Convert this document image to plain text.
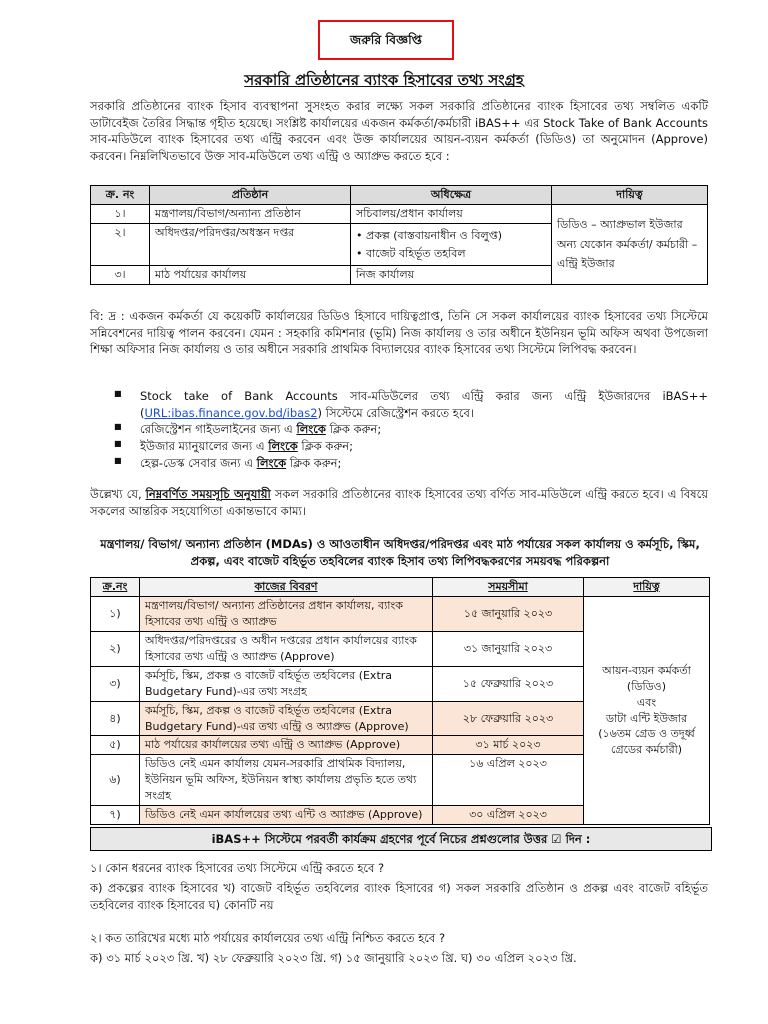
জরুরি বিজ্ঞপ্তি
সরকারি প্রতিষ্ঠানের ব্যাংক হিসাবের তথ্য সংগ্রহ
সরকারি প্রতিষ্ঠানের ব্যাংক হিসাব ব্যবস্থাপনা সুসংহত করার লক্ষ্যে সকল সরকারি প্রতিষ্ঠানের ব্যাংক হিসাবের তথ্য সম্বলিত একটি ডাটাবেইজ তৈরির সিদ্ধান্ত গৃহীত হয়েছে। সংশ্লিষ্ট কার্যালয়ের একজন কর্মকর্তা/কর্মচারী iBAS++ এর Stock Take of Bank Accounts সাব-মডিউলে ব্যাংক হিসাবের তথ্য এন্ট্রি করবেন এবং উক্ত কার্যালয়ের আয়ন-ব্যয়ন কর্মকর্তা (ডিডিও) তা অনুমোদন (Approve) করবেন। নিম্নলিখিতভাবে উক্ত সাব-মডিউলে তথ্য এন্ট্রি ও অ্যাপ্রুভ করতে হবে :
ক্র. নং	প্রতিষ্ঠান	অধিক্ষেত্র	দায়িত্ব
১।	মন্ত্রণালয়/বিভাগ/অন্যান্য প্রতিষ্ঠান	সচিবালয়/প্রধান কার্যালয়	ডিডিও – অ্যাপ্রুভাল ইউজার অন্য যেকোন কর্মকর্তা/ কর্মচারী – এন্ট্রি ইউজার
২।	অধিদপ্তর/পরিদপ্তর/অধস্তন দপ্তর	• প্রকল্প (বাস্তবায়নাধীন ও বিলুপ্ত)
• বাজেট বহির্ভূত তহবিল	

৩।	মাঠ পর্যায়ের কার্যালয়	নিজ কার্যালয়	
বি: দ্র : একজন কর্মকর্তা যে কয়েকটি কার্যালয়ের ডিডিও হিসাবে দায়িত্বপ্রাপ্ত, তিনি সে সকল কার্যালয়ের ব্যাংক হিসাবের তথ্য সিস্টেমে সন্নিবেশনের দায়িত্ব পালন করবেন। যেমন : সহকারি কমিশনার (ভূমি) নিজ কার্যালয় ও তার অধীনে ইউনিয়ন ভূমি অফিস অথবা উপজেলা শিক্ষা অফিসার নিজ কার্যালয় ও তার অধীনে সরকারি প্রাথমিক বিদ্যালয়ের ব্যাংক হিসাবের তথ্য সিস্টেমে লিপিবদ্ধ করবেন।
■ Stock take of Bank Accounts সাব-মডিউলের তথ্য এন্ট্রি করার জন্য এন্ট্রি ইউজারদের iBAS++ (URL:ibas.finance.gov.bd/ibas2) সিস্টেমে রেজিস্ট্রেশন করতে হবে।
■ রেজিস্ট্রেশন গাইডলাইনের জন্য এ লিংকে ক্লিক করুন;
■ ইউজার ম্যানুয়ালের জন্য এ লিংকে ক্লিক করুন;
■ হেল্প-ডেস্ক সেবার জন্য এ লিংকে ক্লিক করুন;
উল্লেখ্য যে, নিম্নবর্ণিত সময়সূচি অনুযায়ী সকল সরকারি প্রতিষ্ঠানের ব্যাংক হিসাবের তথ্য বর্ণিত সাব-মডিউলে এন্ট্রি করতে হবে। এ বিষয়ে সকলের আন্তরিক সহযোগিতা একান্তভাবে কাম্য।
মন্ত্রণালয়/ বিভাগ/ অন্যান্য প্রতিষ্ঠান (MDAs) ও আওতাধীন অধিদপ্তর/পরিদপ্তর এবং মাঠ পর্যায়ের সকল কার্যালয় ও কর্মসূচি, স্কিম, প্রকল্প, এবং বাজেট বহির্ভূত তহবিলের ব্যাংক হিসাব তথ্য লিপিবদ্ধকরণের সময়বদ্ধ পরিকল্পনা
ক্র.নং	কাজের বিবরণ	সময়সীমা	দায়িত্ব
১)	মন্ত্রণালয়/বিভাগ/ অন্যান্য প্রতিষ্ঠানের প্রধান কার্যালয়, ব্যাংক হিসাবের তথ্য এন্ট্রি ও অ্যাপ্রুভ	১৫ জানুয়ারি ২০২৩	আয়ন-ব্যয়ন কর্মকর্তা (ডিডিও)
এবং
ডাটা এন্টি ইউজার (১৬তম গ্রেড ও তদূর্ধ্ব গ্রেডের কর্মচারী)

২)	অধিদপ্তর/পরিদপ্তরের ও অধীন দপ্তরের প্রধান কার্যালয়ের ব্যাংক হিসাবের তথ্য এন্ট্রি ও অ্যাপ্রুভ (Approve)	৩১ জানুয়ারি ২০২৩	
৩)	কর্মসূচি, স্কিম, প্রকল্প ও বাজেট বহির্ভূত তহবিলের (Extra Budgetary Fund)-এর তথ্য সংগ্রহ	১৫ ফেব্রুয়ারি ২০২৩	
৪)	কর্মসূচি, স্কিম, প্রকল্প ও বাজেট বহির্ভূত তহবিলের (Extra Budgetary Fund)-এর তথ্য এন্ট্রি ও অ্যাপ্রুভ (Approve)	২৮ ফেব্রুয়ারি ২০২৩	
৫)	মাঠ পর্যায়ের কার্যালয়ের তথ্য এন্ট্রি ও অ্যাপ্রুভ (Approve)	৩১ মার্চ ২০২৩	
৬)	ডিডিও নেই এমন কার্যালয় যেমন-সরকারি প্রাথমিক বিদ্যালয়, ইউনিয়ন ভূমি অফিস, ইউনিয়ন স্বাস্থ্য কার্যালয় প্রভৃতি হতে তথ্য সংগ্রহ	১৬ এপ্রিল ২০২৩	
৭)	ডিডিও নেই এমন কার্যালয়ের তথ্য এন্টি ও অ্যাপ্রুভ (Approve)	৩০ এপ্রিল ২০২৩	
iBAS++ সিস্টেমে পরবর্তী কার্যক্রম গ্রহণের পূর্বে নিচের প্রশ্নগুলোর উত্তর ☑ দিন :
১। কোন ধরনের ব্যাংক হিসাবের তথ্য সিস্টেমে এন্ট্রি করতে হবে ?
ক) প্রকল্পের ব্যাংক হিসাবের খ) বাজেট বহির্ভূত তহবিলের ব্যাংক হিসাবের গ) সকল সরকারি প্রতিষ্ঠান ও প্রকল্প এবং বাজেট বহির্ভূত তহবিলের ব্যাংক হিসাবের ঘ) কোনটি নয়
২। কত তারিখের মধ্যে মাঠ পর্যায়ের কার্যালয়ের তথ্য এন্ট্রি নিশ্চিত করতে হবে ?
ক) ৩১ মার্চ ২০২৩ খ্রি. খ) ২৮ ফেব্রুয়ারি ২০২৩ খ্রি. গ) ১৫ জানুয়ারি ২০২৩ খ্রি. ঘ) ৩০ এপ্রিল ২০২৩ খ্রি.
